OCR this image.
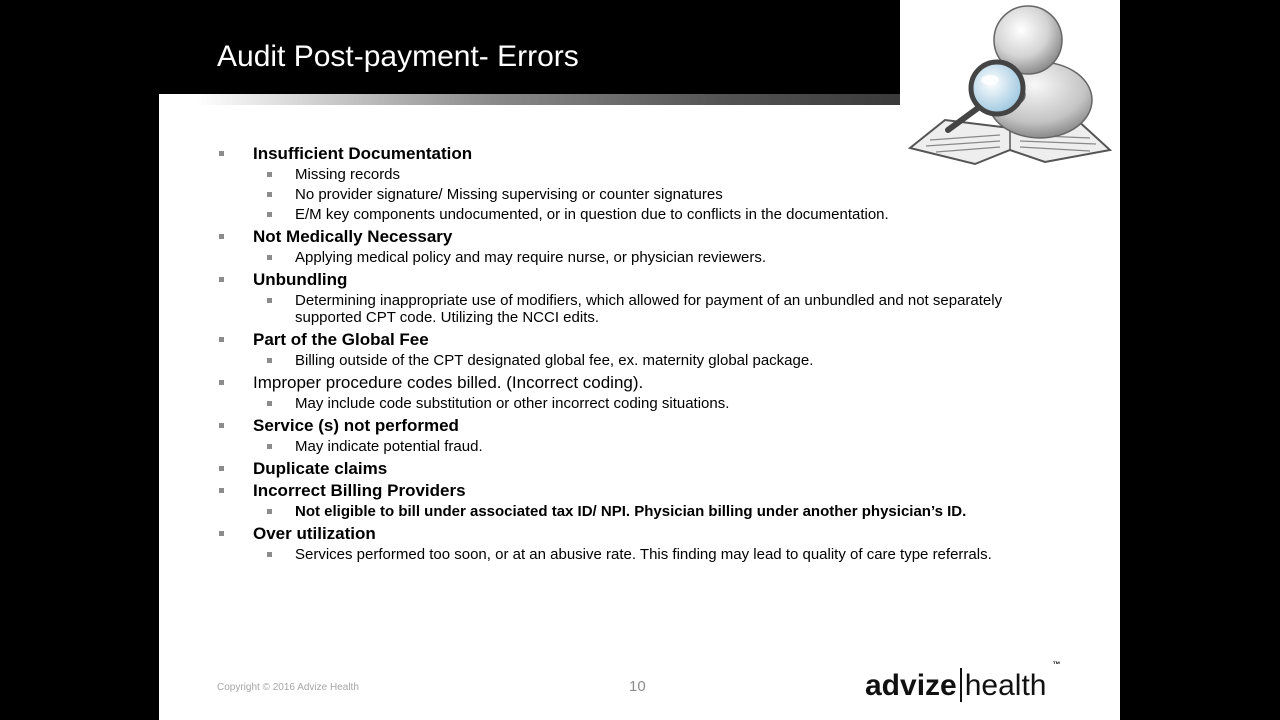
Audit Post-payment- Errors
Insufficient Documentation
Missing records
No provider signature/ Missing supervising or counter signatures
E/M key components undocumented, or in question due to conflicts in the documentation.
Not Medically Necessary
Applying medical policy and may require nurse, or physician reviewers.
Unbundling
Determining inappropriate use of modifiers, which allowed for payment of an unbundled and not separately supported CPT code. Utilizing the NCCI edits.
Part of the Global Fee
Billing outside of the CPT designated global fee, ex. maternity global package.
Improper procedure codes billed. (Incorrect coding).
May include code substitution or other incorrect coding situations.
Service (s) not performed
May indicate potential fraud.
Duplicate claims
Incorrect Billing Providers
Not eligible to bill under associated tax ID/ NPI. Physician billing under another physician’s ID.
Over utilization
Services performed too soon, or at an abusive rate. This finding may lead to quality of care type referrals.
Copyright © 2016 Advize Health	10	advize health
™
